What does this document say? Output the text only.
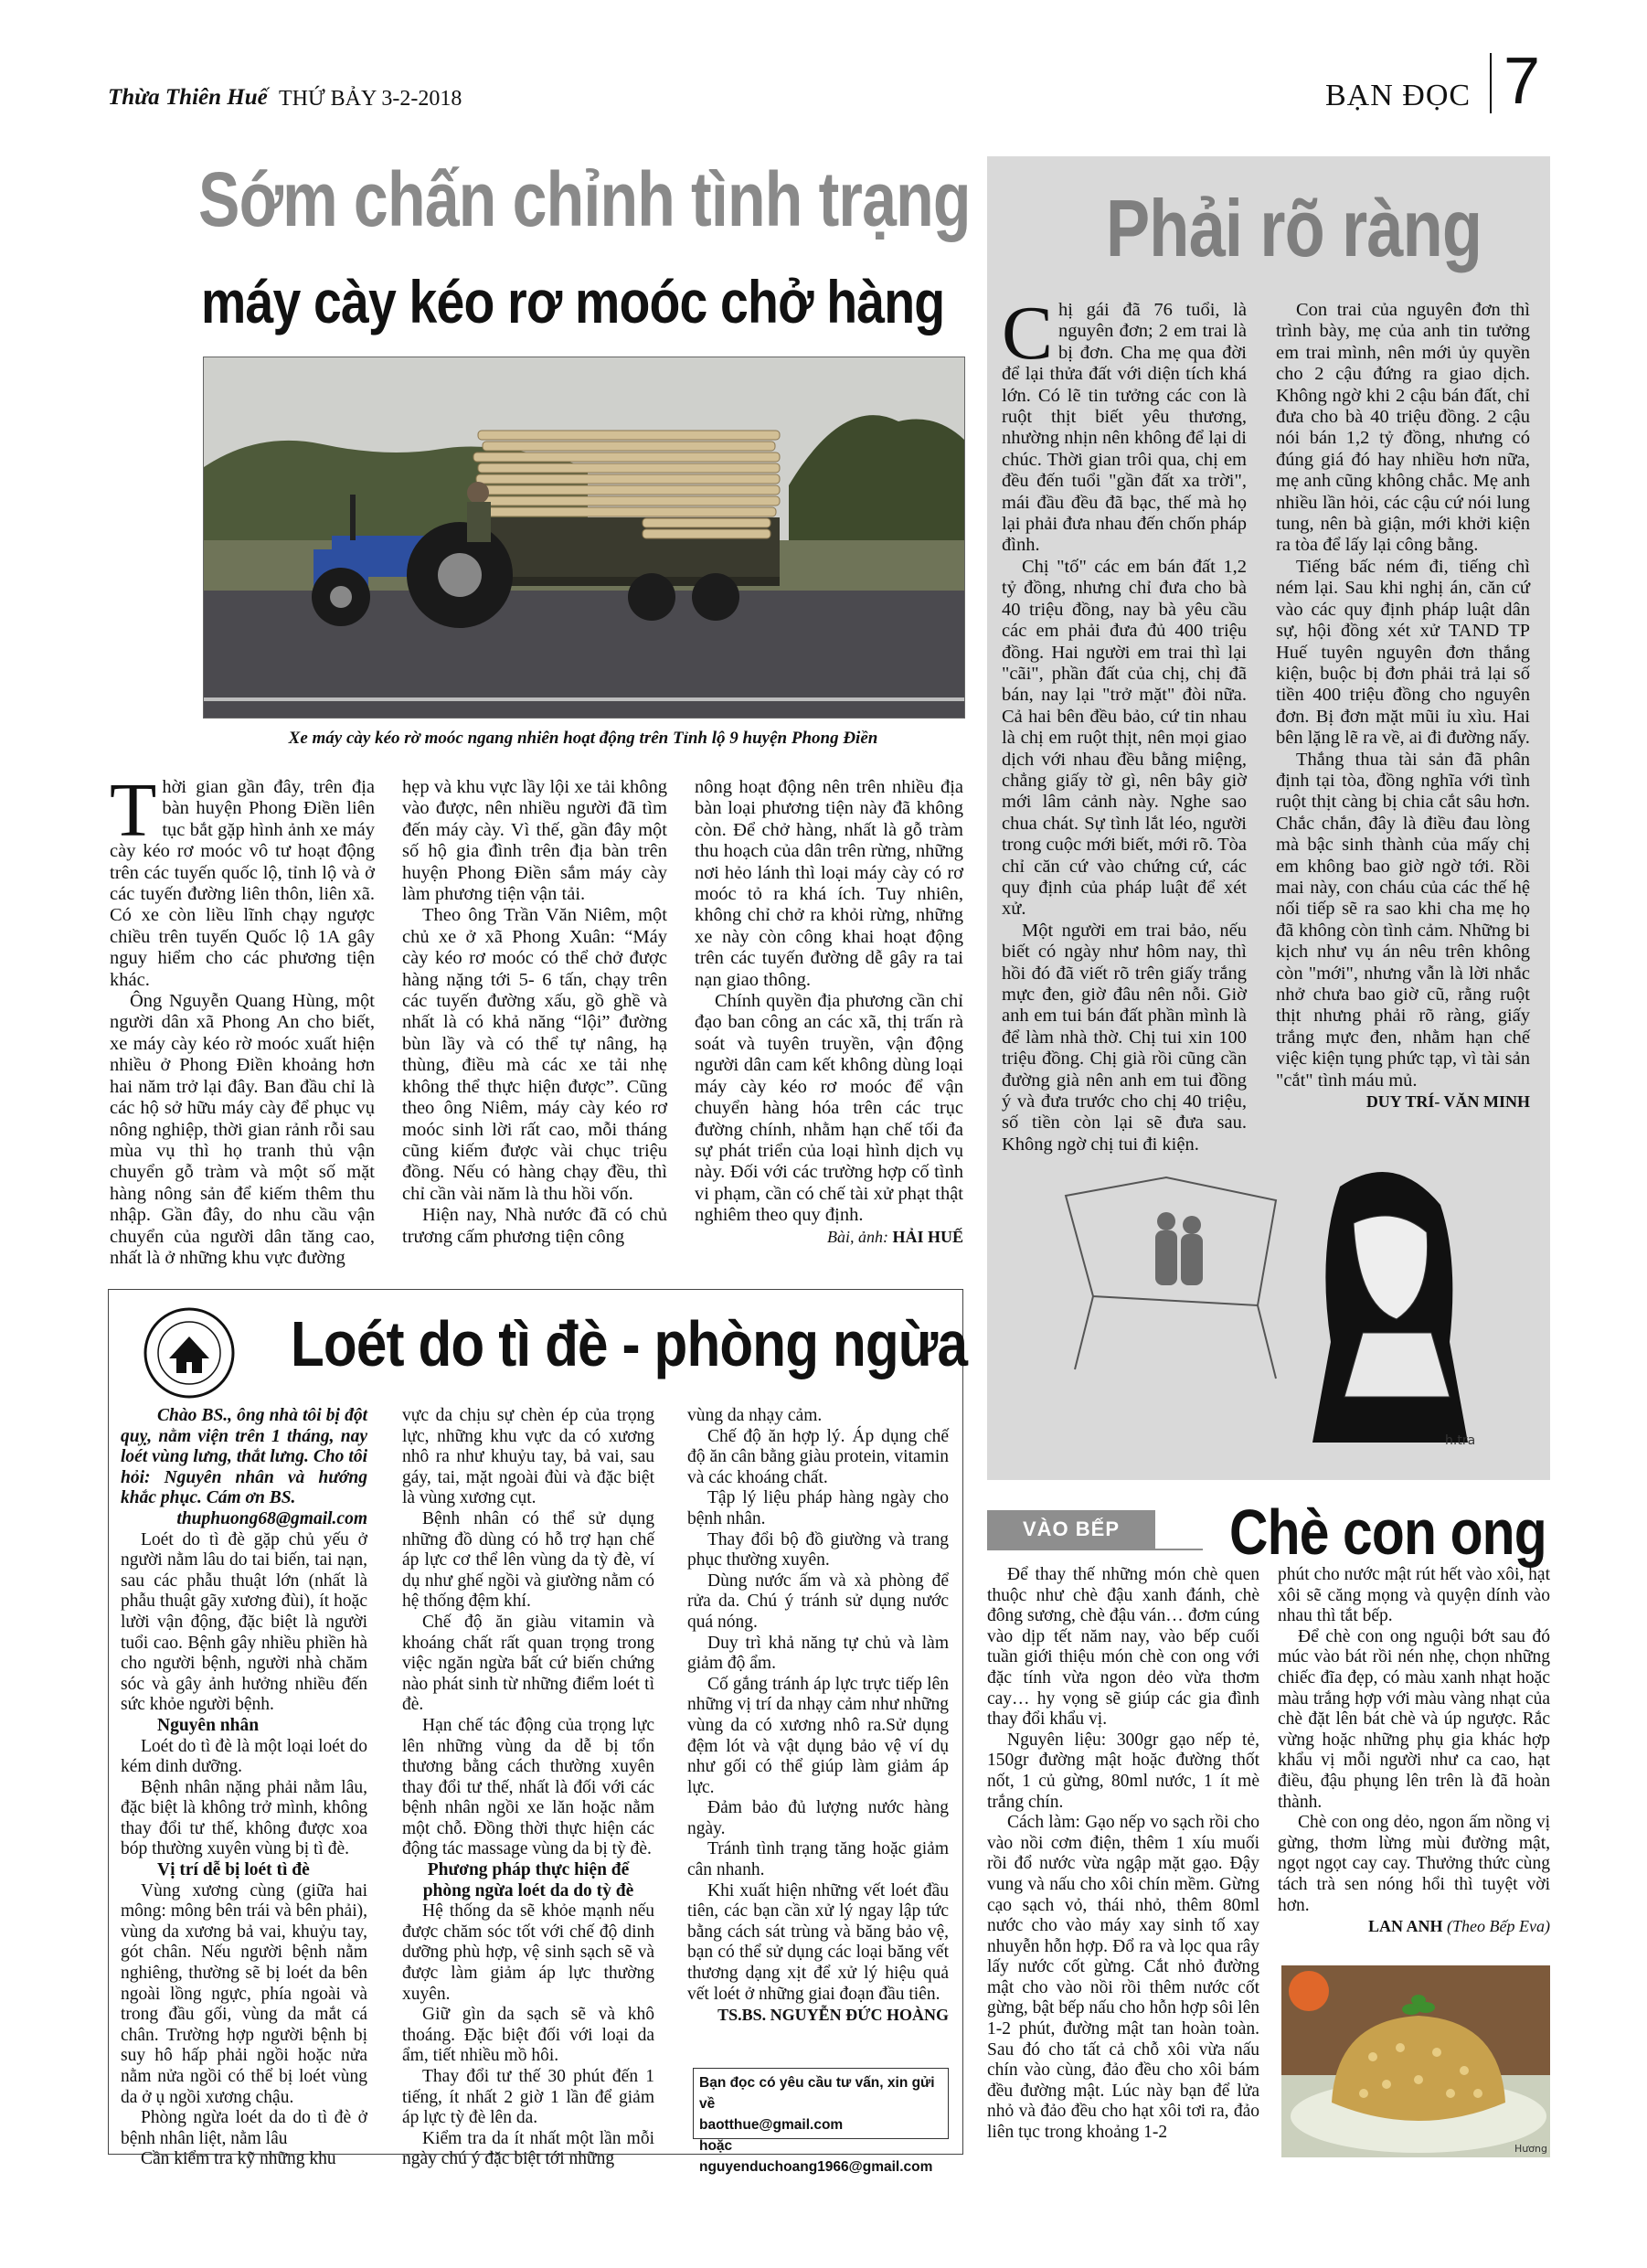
Thừa Thiên Huế THỨ BẢY 3-2-2018	BẠN ĐỌC 7
Sớm chấn chỉnh tình trạng
máy cày kéo rơ moóc chở hàng
Xe máy cày kéo rờ moóc ngang nhiên hoạt động trên Tỉnh lộ 9 huyện Phong Điền

Thời gian gần đây, trên địa bàn huyện Phong Điền liên tục bắt gặp hình ảnh xe máy cày kéo rơ moóc vô tư hoạt động trên các tuyến quốc lộ, tỉnh lộ và ở các tuyến đường liên thôn, liên xã. Có xe còn liều lĩnh chạy ngược chiều trên tuyến Quốc lộ 1A gây nguy hiểm cho các phương tiện khác.

Ông Nguyễn Quang Hùng, một người dân xã Phong An cho biết, xe máy cày kéo rờ moóc xuất hiện nhiều ở Phong Điền khoảng hơn hai năm trở lại đây. Ban đầu chỉ là các hộ sở hữu máy cày để phục vụ nông nghiệp, thời gian rảnh rỗi sau mùa vụ thì họ tranh thủ vận chuyển gỗ tràm và một số mặt hàng nông sản để kiếm thêm thu nhập. Gần đây, do nhu cầu vận chuyển của người dân tăng cao, nhất là ở những khu vực đường

hẹp và khu vực lầy lội xe tải không vào được, nên nhiều người đã tìm đến máy cày. Vì thế, gần đây một số hộ gia đình trên địa bàn trên huyện Phong Điền sắm máy cày làm phương tiện vận tải.

Theo ông Trần Văn Niêm, một chủ xe ở xã Phong Xuân: “Máy cày kéo rơ moóc có thể chở được hàng nặng tới 5- 6 tấn, chạy trên các tuyến đường xấu, gồ ghề và nhất là có khả năng “lội” đường bùn lầy và có thể tự nâng, hạ thùng, điều mà các xe tải nhẹ không thể thực hiện được”. Cũng theo ông Niêm, máy cày kéo rơ moóc sinh lời rất cao, mỗi tháng cũng kiếm được vài chục triệu đồng. Nếu có hàng chạy đều, thì chỉ cần vài năm là thu hồi vốn.

Hiện nay, Nhà nước đã có chủ trương cấm phương tiện công

nông hoạt động nên trên nhiều địa bàn loại phương tiện này đã không còn. Để chở hàng, nhất là gỗ tràm thu hoạch của dân trên rừng, những nơi hẻo lánh thì loại máy cày có rơ moóc tỏ ra khá ích. Tuy nhiên, không chỉ chở ra khỏi rừng, những xe này còn công khai hoạt động trên các tuyến đường dễ gây ra tai nạn giao thông.

Chính quyền địa phương cần chỉ đạo ban công an các xã, thị trấn rà soát và tuyên truyền, vận động người dân cam kết không dùng loại máy cày kéo rơ moóc để vận chuyển hàng hóa trên các trục đường chính, nhằm hạn chế tối đa sự phát triển của loại hình dịch vụ này. Đối với các trường hợp cố tình vi phạm, cần có chế tài xử phạt thật nghiêm theo quy định.

Bài, ảnh: HẢI HUẾ

Phải rõ ràng

Chị gái đã 76 tuổi, là nguyên đơn; 2 em trai là bị đơn. Cha mẹ qua đời để lại thửa đất với diện tích khá lớn. Có lẽ tin tưởng các con là ruột thịt biết yêu thương, nhường nhịn nên không để lại di chúc. Thời gian trôi qua, chị em đều đến tuổi "gần đất xa trời", mái đầu đều đã bạc, thế mà họ lại phải đưa nhau đến chốn pháp đình.

Chị "tố" các em bán đất 1,2 tỷ đồng, nhưng chỉ đưa cho bà 40 triệu đồng, nay bà yêu cầu các em phải đưa đủ 400 triệu đồng. Hai người em trai thì lại "cãi", phần đất của chị, chị đã bán, nay lại "trở mặt" đòi nữa. Cả hai bên đều bảo, cứ tin nhau là chị em ruột thịt, nên mọi giao dịch với nhau đều bằng miệng, chẳng giấy tờ gì, nên bây giờ mới lâm cảnh này. Nghe sao chua chát. Sự tình lắt léo, người trong cuộc mới biết, mới rõ. Tòa chỉ căn cứ vào chứng cứ, các quy định của pháp luật để xét xử.

Một người em trai bảo, nếu biết có ngày như hôm nay, thì hồi đó đã viết rõ trên giấy trắng mực đen, giờ đâu nên nỗi. Giờ anh em tui bán đất phần mình là để làm nhà thờ. Chị tui xin 100 triệu đồng. Chị già rồi cũng cần đường già nên anh em tui đồng ý và đưa trước cho chị 40 triệu, số tiền còn lại sẽ đưa sau. Không ngờ chị tui đi kiện.

Con trai của nguyên đơn thì trình bày, mẹ của anh tin tưởng em trai mình, nên mới ủy quyền cho 2 cậu đứng ra giao dịch. Không ngờ khi 2 cậu bán đất, chỉ đưa cho bà 40 triệu đồng. 2 cậu nói bán 1,2 tỷ đồng, nhưng có đúng giá đó hay nhiều hơn nữa, mẹ anh cũng không chắc. Mẹ anh nhiều lần hỏi, các cậu cứ nói lung tung, nên bà giận, mới khởi kiện ra tòa để lấy lại công bằng.

Tiếng bấc ném đi, tiếng chì ném lại. Sau khi nghị án, căn cứ vào các quy định pháp luật dân sự, hội đồng xét xử TAND TP Huế tuyên nguyên đơn thắng kiện, buộc bị đơn phải trả lại số tiền 400 triệu đồng cho nguyên đơn. Bị đơn mặt mũi ỉu xìu. Hai bên lặng lẽ ra về, ai đi đường nấy.

Thắng thua tài sản đã phân định tại tòa, đồng nghĩa với tình ruột thịt càng bị chia cắt sâu hơn. Chắc chắn, đây là điều đau lòng mà bậc sinh thành của mấy chị em không bao giờ ngờ tới. Rồi mai này, con cháu của các thế hệ nối tiếp sẽ ra sao khi cha mẹ họ đã không còn tình cảm. Những bi kịch như vụ án nêu trên không còn "mới", nhưng vẫn là lời nhắc nhở chưa bao giờ cũ, rằng ruột thịt nhưng phải rõ ràng, giấy trắng mực đen, nhằm hạn chế việc kiện tụng phức tạp, vì tài sản "cắt" tình máu mủ.

DUY TRÍ- VĂN MINH

h.tra
Loét do tì đè - phòng ngừa

Chào BS., ông nhà tôi bị đột quỵ, nằm viện trên 1 tháng, nay loét vùng lưng, thắt lưng. Cho tôi hỏi: Nguyên nhân và hướng khắc phục. Cám ơn BS.

thuphuong68@gmail.com

Loét do tì đè gặp chủ yếu ở người nằm lâu do tai biến, tai nạn, sau các phẫu thuật lớn (nhất là phẫu thuật gãy xương đùi), ít hoặc lười vận động, đặc biệt là người tuổi cao. Bệnh gây nhiều phiền hà cho người bệnh, người nhà chăm sóc và gây ảnh hưởng nhiều đến sức khỏe người bệnh.

Nguyên nhân

Loét do tì đè là một loại loét do kém dinh dưỡng.

Bệnh nhân nặng phải nằm lâu, đặc biệt là không trở mình, không thay đổi tư thế, không được xoa bóp thường xuyên vùng bị tì đè.

Vị trí dễ bị loét tì đè

Vùng xương cùng (giữa hai mông: mông bên trái và bên phải), vùng da xương bả vai, khuỷu tay, gót chân. Nếu người bệnh nằm nghiêng, thường sẽ bị loét da bên ngoài lồng ngực, phía ngoài và trong đầu gối, vùng da mắt cá chân. Trường hợp người bệnh bị suy hô hấp phải ngồi hoặc nửa nằm nửa ngồi có thể bị loét vùng da ở ụ ngồi xương chậu.

Phòng ngừa loét da do tì đè ở bệnh nhân liệt, nằm lâu

Cần kiểm tra kỹ những khu

vực da chịu sự chèn ép của trọng lực, những khu vực da có xương nhô ra như khuỷu tay, bả vai, sau gáy, tai, mặt ngoài đùi và đặc biệt là vùng xương cụt.

Bệnh nhân có thể sử dụng những đồ dùng có hỗ trợ hạn chế áp lực cơ thể lên vùng da tỳ đè, ví dụ như ghế ngồi và giường nằm có hệ thống đệm khí.

Chế độ ăn giàu vitamin và khoáng chất rất quan trọng trong việc ngăn ngừa bất cứ biến chứng nào phát sinh từ những điểm loét tì đè.

Hạn chế tác động của trọng lực lên những vùng da dễ bị tổn thương bằng cách thường xuyên thay đổi tư thế, nhất là đối với các bệnh nhân ngồi xe lăn hoặc nằm một chỗ. Đồng thời thực hiện các động tác massage vùng da bị tỳ đè.

Phương pháp thực hiện để phòng ngừa loét da do tỳ đè

Hệ thống da sẽ khỏe mạnh nếu được chăm sóc tốt với chế độ dinh dưỡng phù hợp, vệ sinh sạch sẽ và được làm giảm áp lực thường xuyên.

Giữ gìn da sạch sẽ và khô thoáng. Đặc biệt đối với loại da ẩm, tiết nhiều mồ hôi.

Thay đổi tư thế 30 phút đến 1 tiếng, ít nhất 2 giờ 1 lần để giảm áp lực tỳ đè lên da.

Kiểm tra da ít nhất một lần mỗi ngày chú ý đặc biệt tới những

vùng da nhạy cảm.

Chế độ ăn hợp lý. Áp dụng chế độ ăn cân bằng giàu protein, vitamin và các khoáng chất.

Tập lý liệu pháp hàng ngày cho bệnh nhân.

Thay đổi bộ đồ giường và trang phục thường xuyên.

Dùng nước ấm và xà phòng để rửa da. Chú ý tránh sử dụng nước quá nóng.

Duy trì khả năng tự chủ và làm giảm độ ẩm.

Cố gắng tránh áp lực trực tiếp lên những vị trí da nhạy cảm như những vùng da có xương nhô ra.Sử dụng đệm lót và vật dụng bảo vệ ví dụ như gối có thể giúp làm giảm áp lực.

Đảm bảo đủ lượng nước hàng ngày.

Tránh tình trạng tăng hoặc giảm cân nhanh.

Khi xuất hiện những vết loét đầu tiên, các bạn cần xử lý ngay lập tức bằng cách sát trùng và băng bảo vệ, bạn có thể sử dụng các loại băng vết thương dạng xịt để xử lý hiệu quả vết loét ở những giai đoạn đầu tiên.

TS.BS. NGUYỄN ĐỨC HOÀNG

Bạn đọc có yêu cầu tư vấn, xin gửi về
baotthue@gmail.com
hoặc nguyenduchoang1966@gmail.com
VÀO BẾP	Chè con ong

Để thay thế những món chè quen thuộc như chè đậu xanh đánh, chè đông sương, chè đậu ván… đơm cúng vào dịp tết năm nay, vào bếp cuối tuần giới thiệu món chè con ong với đặc tính vừa ngon dẻo vừa thơm cay… hy vọng sẽ giúp các gia đình thay đổi khẩu vị.

Nguyên liệu: 300gr gạo nếp tẻ, 150gr đường mật hoặc đường thốt nốt, 1 củ gừng, 80ml nước, 1 ít mè trắng chín.

Cách làm: Gạo nếp vo sạch rồi cho vào nồi cơm điện, thêm 1 xíu muối rồi đổ nước vừa ngập mặt gạo. Đậy vung và nấu cho xôi chín mềm. Gừng cạo sạch vỏ, thái nhỏ, thêm 80ml nước cho vào máy xay sinh tố xay nhuyễn hỗn hợp. Đổ ra và lọc qua rây lấy nước cốt gừng. Cắt nhỏ đường mật cho vào nồi rồi thêm nước cốt gừng, bật bếp nấu cho hỗn hợp sôi lên 1-2 phút, đường mật tan hoàn toàn. Sau đó cho tất cả chỗ xôi vừa nấu chín vào cùng, đảo đều cho xôi bám đều đường mật. Lúc này bạn để lửa nhỏ và đảo đều cho hạt xôi tơi ra, đảo liên tục trong khoảng 1-2

phút cho nước mật rút hết vào xôi, hạt xôi sẽ căng mọng và quyện dính vào nhau thì tắt bếp.

Để chè con ong nguội bớt sau đó múc vào bát rồi nén nhẹ, chọn những chiếc đĩa đẹp, có màu xanh nhạt hoặc màu trắng hợp với màu vàng nhạt của chè đặt lên bát chè và úp ngược. Rắc vừng hoặc những phụ gia khác hợp khẩu vị mỗi người như ca cao, hạt điều, đậu phụng lên trên là đã hoàn thành.

Chè con ong dẻo, ngon ấm nồng vị gừng, thơm lừng mùi đường mật, ngọt ngọt cay cay. Thưởng thức cùng tách trà sen nóng hổi thì tuyệt vời hơn.

LAN ANH (Theo Bếp Eva)

Hương
